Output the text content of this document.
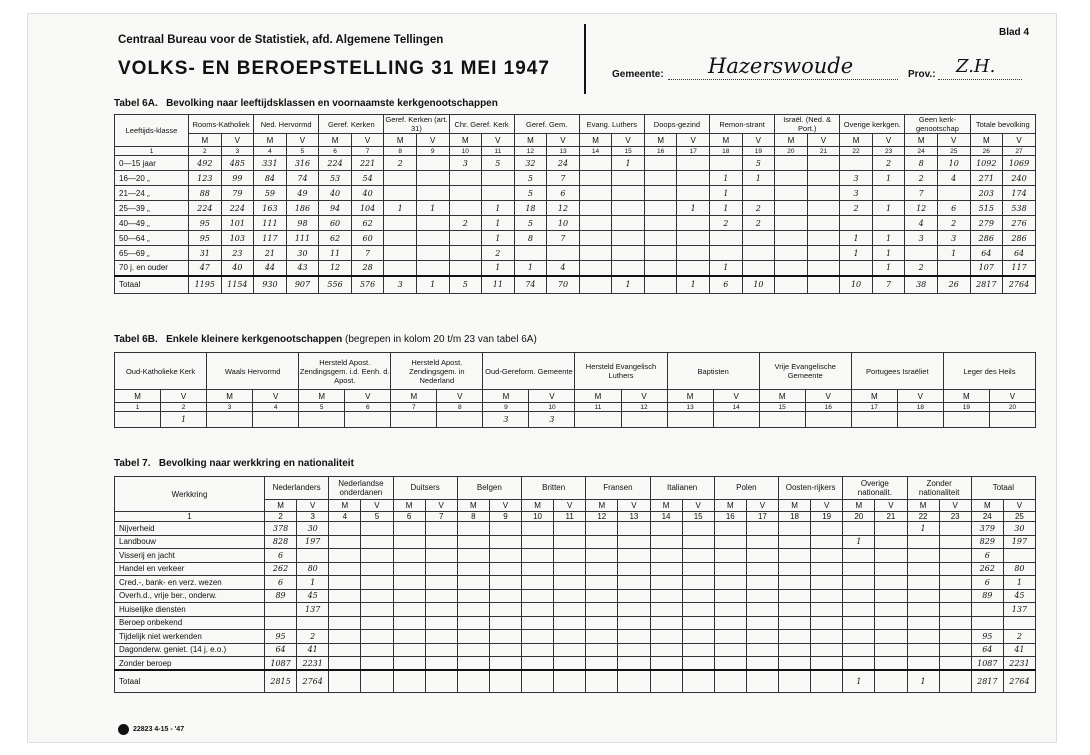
Centraal Bureau voor de Statistiek, afd. Algemene Tellingen
VOLKS- EN BEROEPSTELLING 31 MEI 1947
Blad 4
Gemeente: Hazerswoude	Prov.: Z.H.
Tabel 6A. Bevolking naar leeftijdsklassen en voornaamste kerkgenootschappen
Leeftijds-klasse	Rooms-Katholiek		Ned. Hervormd		Geref. Kerken		Geref. Kerken (art. 31)		Chr. Geref. Kerk		Geref. Gem.		Evang. Luthers		Doops-gezind		Remon-strant		Israël. (Ned. & Port.)		Overige kerkgen.		Geen kerk-genootschap		Totale bevolking	
	M	V	M	V	M	V	M	V	M	V	M	V	M	V	M	V	M	V	M	V	M	V	M	V	M	V
1	2	3	4	5	6	7	8	9	10	11	12	13	14	15	16	17	18	19	20	21	22	23	24	25	26	27
0—15 jaar	492	485	331	316	224	221	2		3	5	32	24		1				5				2	8	10	1092	1069
16—20 „	123	99	84	74	53	54					5	7					1	1			3	1	2	4	271	240
21—24 „	88	79	59	49	40	40					5	6					1				3		7		203	174
25—39 „	224	224	163	186	94	104	1	1		1	18	12				1	1	2			2	1	12	6	515	538
40—49 „	95	101	111	98	60	62			2	1	5	10					2	2					4	2	279	276
50—64 „	95	103	117	111	62	60				1	8	7									1	1	3	3	286	286
65—69 „	31	23	21	30	11	7				2											1	1		1	64	64
70 j. en ouder	47	40	44	43	12	28				1	1	4					1					1	2		107	117
Totaal	1195	1154	930	907	556	576	3	1	5	11	74	70		1		1	6	10			10	7	38	26	2817	2764
Tabel 6B. Enkele kleinere kerkgenootschappen (begrepen in kolom 20 t/m 23 van tabel 6A)
Oud-Katholieke Kerk		Waals Hervormd		Hersteld Apost. Zendingsgem. i.d. Eenh. d. Apost.		Hersteld Apost. Zendingsgem. in Nederland		Oud-Gereform. Gemeente		Hersteld Evangelisch Luthers		Baptisten		Vrije Evangelische Gemeente		Portugees Israëliet		Leger des Heils	
M	V	M	V	M	V	M	V	M	V	M	V	M	V	M	V	M	V	M	V
1	2	3	4	5	6	7	8	9	10	11	12	13	14	15	16	17	18	19	20
	1							3	3										
Tabel 7. Bevolking naar werkkring en nationaliteit
Werkkring	Nederlanders		Nederlandse onderdanen		Duitsers		Belgen		Britten		Fransen		Italianen		Polen		Oosten-rijkers		Overige nationalit.		Zonder nationaliteit		Totaal	
	M	V	M	V	M	V	M	V	M	V	M	V	M	V	M	V	M	V	M	V	M	V	M	V
1	2	3	4	5	6	7	8	9	10	11	12	13	14	15	16	17	18	19	20	21	22	23	24	25
Nijverheid	378	30																			1		379	30
Landbouw	828	197																	1				829	197
Visserij en jacht	6																						6	
Handel en verkeer	262	80																					262	80
Cred.-, bank- en verz. wezen	6	1																					6	1
Overh.d., vrije ber., onderw.	89	45																					89	45
Huiselijke diensten		137																						137
Beroep onbekend																								
Tijdelijk niet werkenden	95	2																					95	2
Dagonderw. geniet. (14 j. e.o.)	64	41																					64	41
Zonder beroep	1087	2231																					1087	2231
Totaal	2815	2764																	1		1		2817	2764
22823 4-15 - '47
